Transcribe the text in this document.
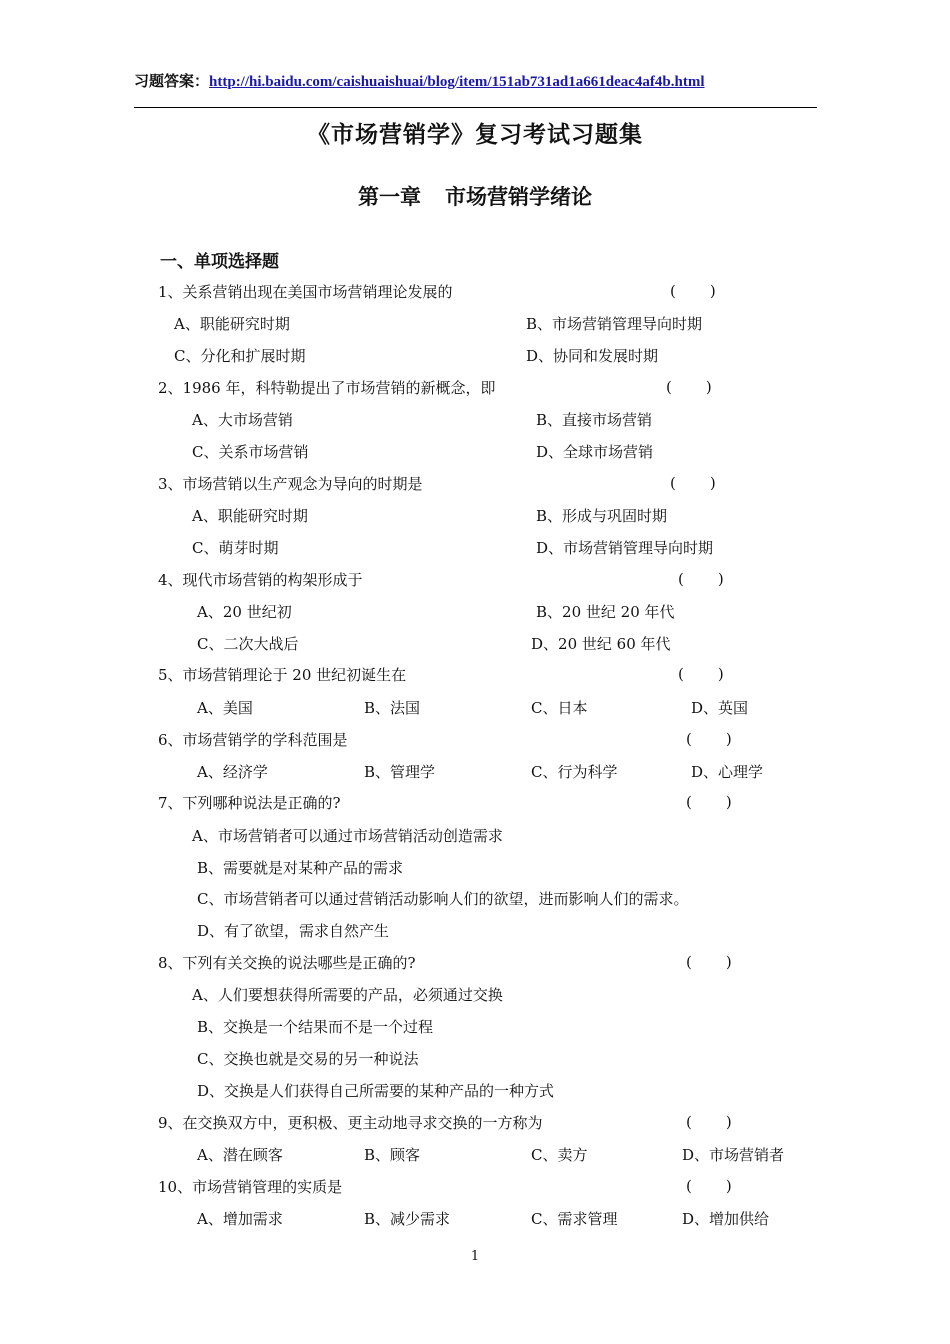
习题答案：http://hi.baidu.com/caishuaishuai/blog/item/151ab731ad1a661deac4af4b.html
《市场营销学》复习考试习题集
第一章 市场营销学绪论
一、单项选择题
1、关系营销出现在美国市场营销理论发展的	( )
A、职能研究时期	B、市场营销管理导向时期
C、分化和扩展时期	D、协同和发展时期
2、1986 年，科特勒提出了市场营销的新概念，即	( )
A、大市场营销	B、直接市场营销
C、关系市场营销	D、全球市场营销
3、市场营销以生产观念为导向的时期是	( )
A、职能研究时期	B、形成与巩固时期
C、萌芽时期	D、市场营销管理导向时期
4、现代市场营销的构架形成于	( )
A、20 世纪初	B、20 世纪 20 年代
C、二次大战后	D、20 世纪 60 年代
5、市场营销理论于 20 世纪初诞生在	( )
A、美国	B、法国	C、日本	D、英国
6、市场营销学的学科范围是	( )
A、经济学	B、管理学	C、行为科学	D、心理学
7、下列哪种说法是正确的?	( )
A、市场营销者可以通过市场营销活动创造需求
B、需要就是对某种产品的需求
C、市场营销者可以通过营销活动影响人们的欲望，进而影响人们的需求。
D、有了欲望，需求自然产生
8、下列有关交换的说法哪些是正确的?	( )
A、人们要想获得所需要的产品，必须通过交换
B、交换是一个结果而不是一个过程
C、交换也就是交易的另一种说法
D、交换是人们获得自己所需要的某种产品的一种方式
9、在交换双方中，更积极、更主动地寻求交换的一方称为	( )
A、潜在顾客	B、顾客	C、卖方	D、市场营销者
10、市场营销管理的实质是	( )
A、增加需求	B、减少需求	C、需求管理	D、增加供给
1
